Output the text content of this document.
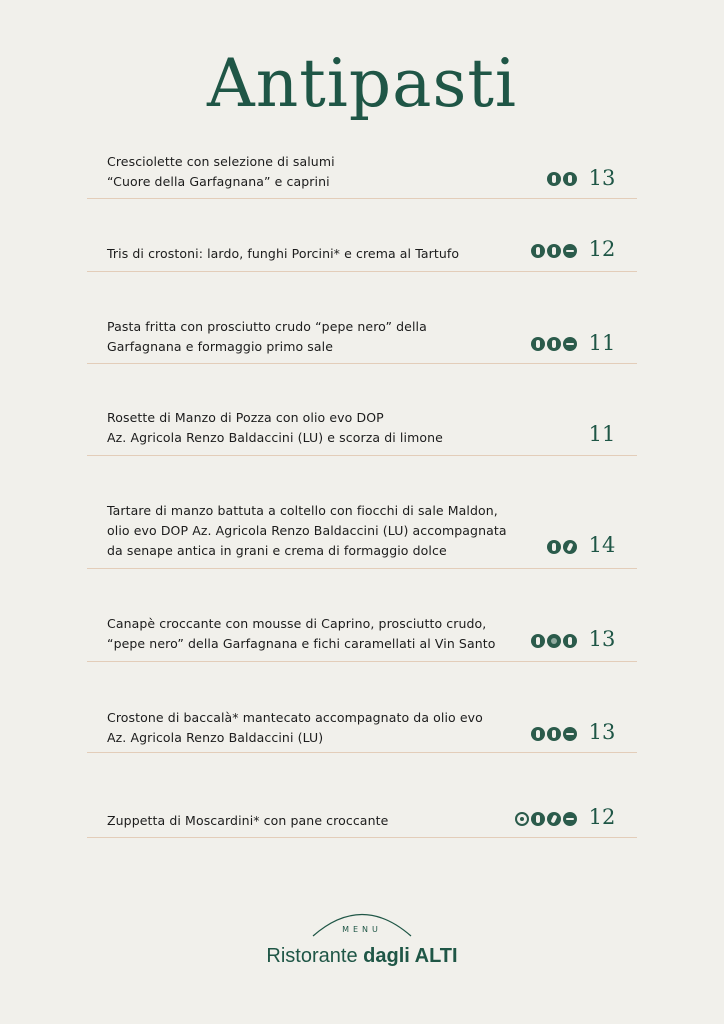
Antipasti
Cresciolette con selezione di salumi
“Cuore della Garfagnana” e caprini	13
Tris di crostoni: lardo, funghi Porcini* e crema al Tartufo	12
Pasta fritta con prosciutto crudo “pepe nero” della
Garfagnana e formaggio primo sale	11
Rosette di Manzo di Pozza con olio evo DOP
Az. Agricola Renzo Baldaccini (LU) e scorza di limone	11
Tartare di manzo battuta a coltello con fiocchi di sale Maldon,
olio evo DOP Az. Agricola Renzo Baldaccini (LU) accompagnata
da senape antica in grani e crema di formaggio dolce	14
Canapè croccante con mousse di Caprino, prosciutto crudo,
“pepe nero” della Garfagnana e fichi caramellati al Vin Santo	13
Crostone di baccalà* mantecato accompagnato da olio evo
Az. Agricola Renzo Baldaccini (LU)	13
Zuppetta di Moscardini* con pane croccante	12
MENU
Ristorante dagli ALTI
